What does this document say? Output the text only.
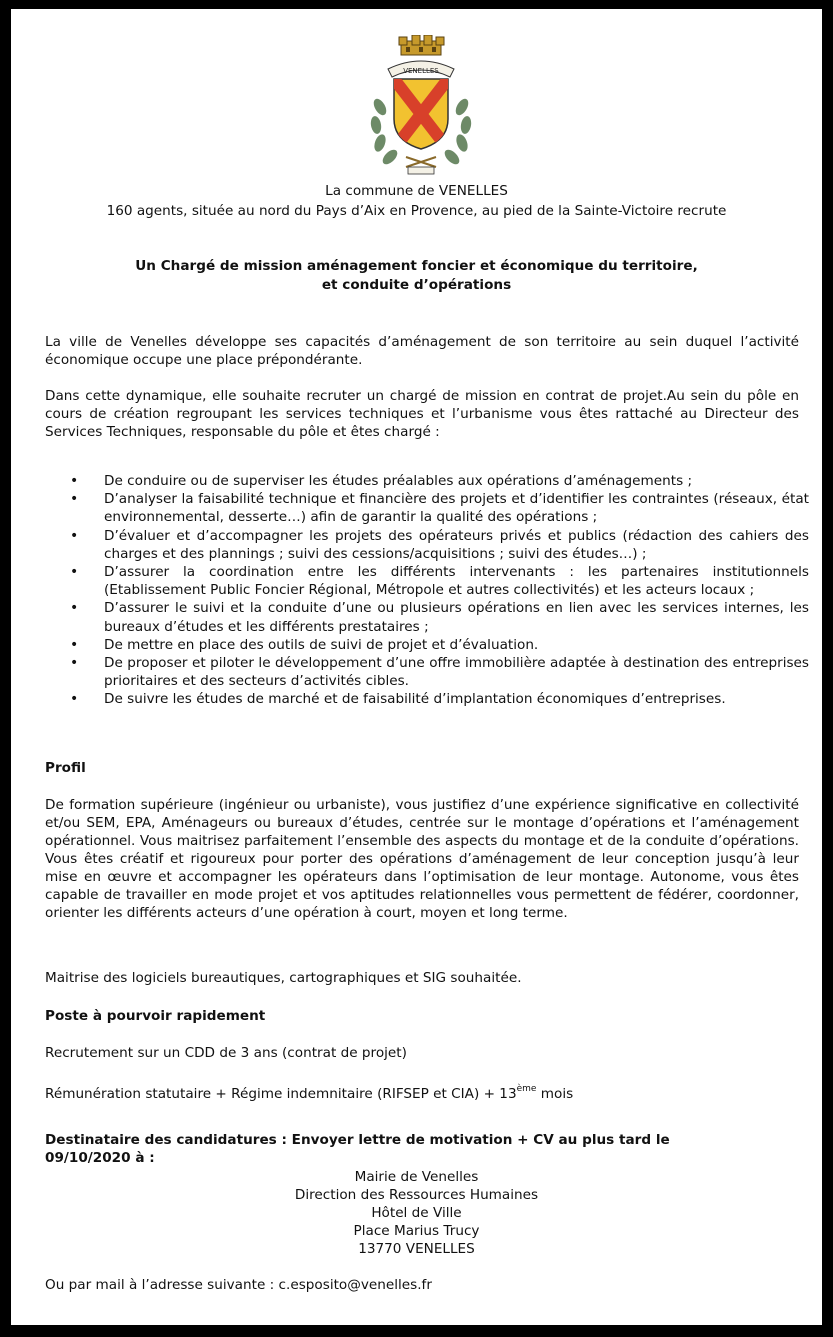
VENELLES
La commune de VENELLES
160 agents, située au nord du Pays d’Aix en Provence, au pied de la Sainte-Victoire recrute
Un Chargé de mission aménagement foncier et économique du territoire,
et conduite d’opérations
La ville de Venelles développe ses capacités d’aménagement de son territoire au sein duquel l’activité économique occupe une place prépondérante.
Dans cette dynamique, elle souhaite recruter un chargé de mission en contrat de projet.Au sein du pôle en cours de création regroupant les services techniques et l’urbanisme vous êtes rattaché au Directeur des Services Techniques, responsable du pôle et êtes chargé :
• De conduire ou de superviser les études préalables aux opérations d’aménagements ;
• D’analyser la faisabilité technique et financière des projets et d’identifier les contraintes (réseaux, état environnemental, desserte…) afin de garantir la qualité des opérations ;
• D’évaluer et d’accompagner les projets des opérateurs privés et publics (rédaction des cahiers des charges et des plannings ; suivi des cessions/acquisitions ; suivi des études…) ;
• D’assurer la coordination entre les différents intervenants : les partenaires institutionnels (Etablissement Public Foncier Régional, Métropole et autres collectivités) et les acteurs locaux ;
• D’assurer le suivi et la conduite d’une ou plusieurs opérations en lien avec les services internes, les bureaux d’études et les différents prestataires ;
• De mettre en place des outils de suivi de projet et d’évaluation.
• De proposer et piloter le développement d’une offre immobilière adaptée à destination des entreprises prioritaires et des secteurs d’activités cibles.
• De suivre les études de marché et de faisabilité d’implantation économiques d’entreprises.
Profil
De formation supérieure (ingénieur ou urbaniste), vous justifiez d’une expérience significative en collectivité et/ou SEM, EPA, Aménageurs ou bureaux d’études, centrée sur le montage d’opérations et l’aménagement opérationnel. Vous maitrisez parfaitement l’ensemble des aspects du montage et de la conduite d’opérations. Vous êtes créatif et rigoureux pour porter des opérations d’aménagement de leur conception jusqu’à leur mise en œuvre et accompagner les opérateurs dans l’optimisation de leur montage. Autonome, vous êtes capable de travailler en mode projet et vos aptitudes relationnelles vous permettent de fédérer, coordonner, orienter les différents acteurs d’une opération à court, moyen et long terme.
Maitrise des logiciels bureautiques, cartographiques et SIG souhaitée.
Poste à pourvoir rapidement
Recrutement sur un CDD de 3 ans (contrat de projet)
Rémunération statutaire + Régime indemnitaire (RIFSEP et CIA) + 13ème mois
Destinataire des candidatures : Envoyer lettre de motivation + CV au plus tard le 09/10/2020 à :
Mairie de Venelles
Direction des Ressources Humaines
Hôtel de Ville
Place Marius Trucy
13770 VENELLES
Ou par mail à l’adresse suivante : c.esposito@venelles.fr
